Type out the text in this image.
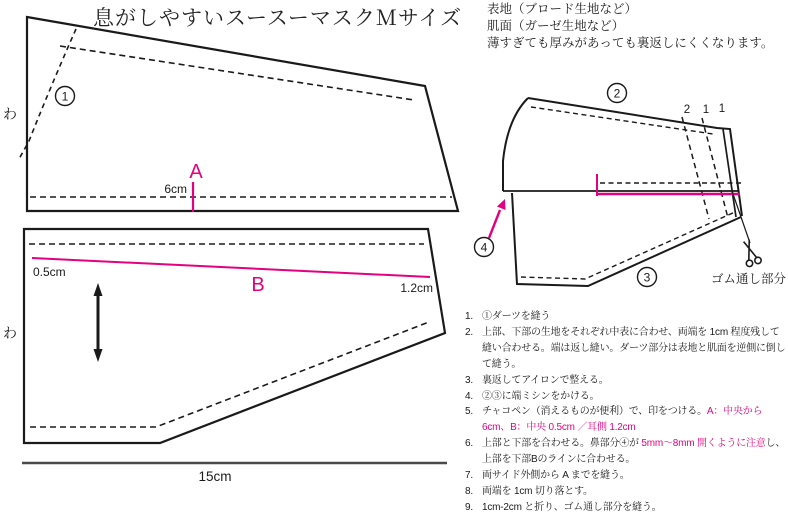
息がしやすいスースーマスクＭサイズ 表地（ブロード生地など）
肌面（ガーゼ生地など）
薄すぎても厚みがあっても裏返しにくくなります。
1
わ
A
6cm
0.5cm
B	1.2cm
わ
15cm
2
3
4
2 1 1
ゴム通し部分
1. ①ダーツを縫う
2. 上部、下部の生地をそれぞれ中表に合わせ、両端を 1cm 程度残して縫い合わせる。端は返し縫い。ダーツ部分は表地と肌面を逆側に倒して縫う。
3. 裏返してアイロンで整える。
4. ②③に端ミシンをかける。
5. チャコペン（消えるものが便利）で、印をつける。A：中央から 6cm、B：中央 0.5cm ／耳側 1.2cm
6. 上部と下部を合わせる。鼻部分④が 5mm〜8mm 開くように注意し、上部を下部Bのラインに合わせる。
7. 両サイド外側から A までを縫う。
8. 両端を 1cm 切り落とす。
9. 1cm-2cm と折り、ゴム通し部分を縫う。
